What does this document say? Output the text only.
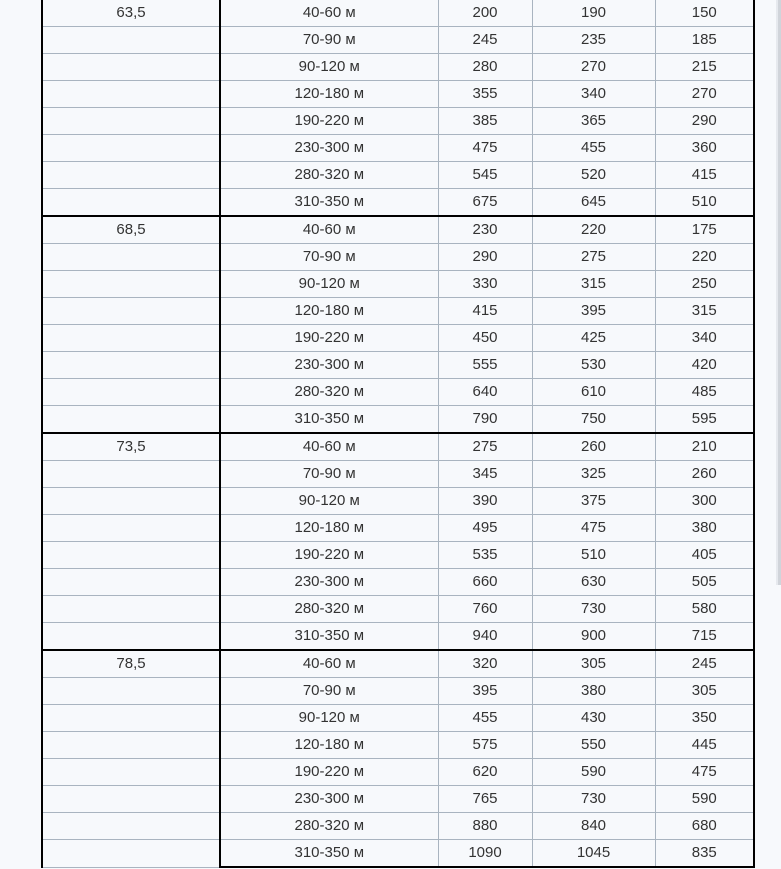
63,5	40-60 м	200	190	150
	70-90 м	245	235	185
	90-120 м	280	270	215
	120-180 м	355	340	270
	190-220 м	385	365	290
	230-300 м	475	455	360
	280-320 м	545	520	415
	310-350 м	675	645	510
68,5	40-60 м	230	220	175
	70-90 м	290	275	220
	90-120 м	330	315	250
	120-180 м	415	395	315
	190-220 м	450	425	340
	230-300 м	555	530	420
	280-320 м	640	610	485
	310-350 м	790	750	595
73,5	40-60 м	275	260	210
	70-90 м	345	325	260
	90-120 м	390	375	300
	120-180 м	495	475	380
	190-220 м	535	510	405
	230-300 м	660	630	505
	280-320 м	760	730	580
	310-350 м	940	900	715
78,5	40-60 м	320	305	245
	70-90 м	395	380	305
	90-120 м	455	430	350
	120-180 м	575	550	445
	190-220 м	620	590	475
	230-300 м	765	730	590
	280-320 м	880	840	680
	310-350 м	1090	1045	835
